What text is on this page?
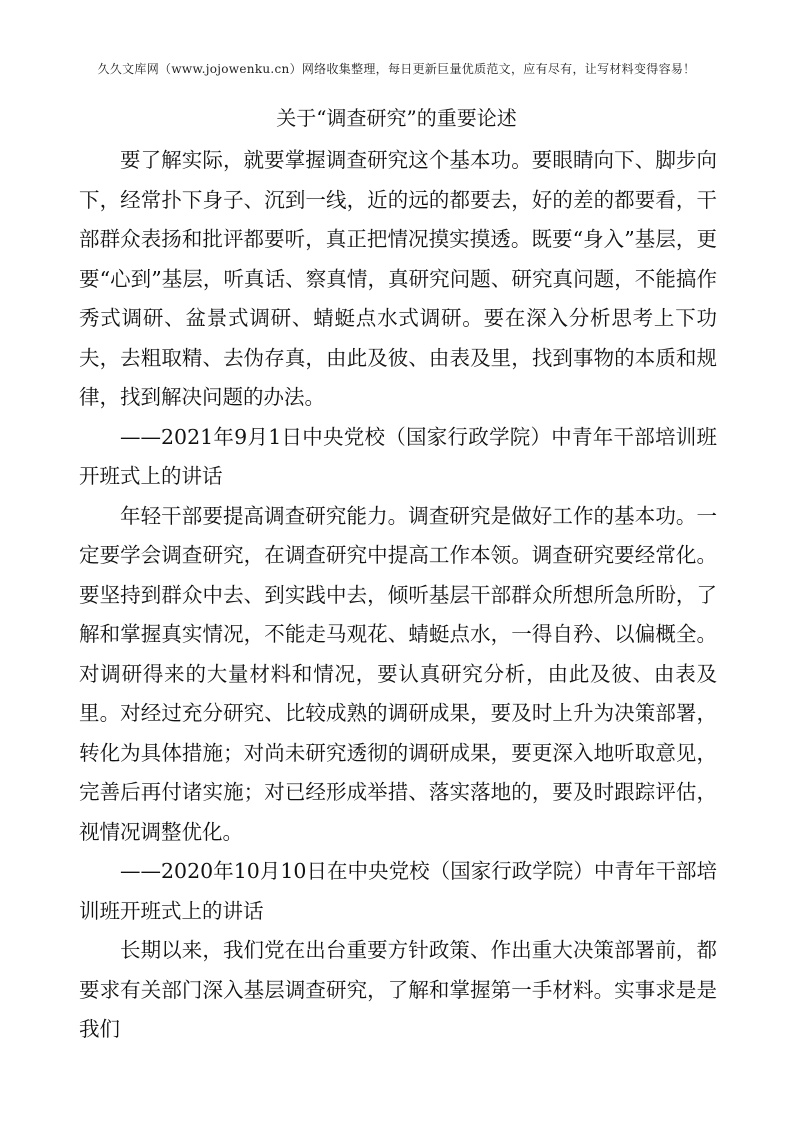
久久文库网（www.jojowenku.cn）网络收集整理，每日更新巨量优质范文，应有尽有，让写材料变得容易！
关于“调查研究”的重要论述

要了解实际，就要掌握调查研究这个基本功。要眼睛向下、脚步向下，经常扑下身子、沉到一线，近的远的都要去，好的差的都要看，干部群众表扬和批评都要听，真正把情况摸实摸透。既要“身入”基层，更要“心到”基层，听真话、察真情，真研究问题、研究真问题，不能搞作秀式调研、盆景式调研、蜻蜓点水式调研。要在深入分析思考上下功夫，去粗取精、去伪存真，由此及彼、由表及里，找到事物的本质和规律，找到解决问题的办法。

——2021年9月1日中央党校（国家行政学院）中青年干部培训班开班式上的讲话

年轻干部要提高调查研究能力。调查研究是做好工作的基本功。一定要学会调查研究，在调查研究中提高工作本领。调查研究要经常化。要坚持到群众中去、到实践中去，倾听基层干部群众所想所急所盼，了解和掌握真实情况，不能走马观花、蜻蜓点水，一得自矜、以偏概全。对调研得来的大量材料和情况，要认真研究分析，由此及彼、由表及里。对经过充分研究、比较成熟的调研成果，要及时上升为决策部署，转化为具体措施；对尚未研究透彻的调研成果，要更深入地听取意见，完善后再付诸实施；对已经形成举措、落实落地的，要及时跟踪评估，视情况调整优化。

——2020年10月10日在中央党校（国家行政学院）中青年干部培训班开班式上的讲话

长期以来，我们党在出台重要方针政策、作出重大决策部署前，都要求有关部门深入基层调查研究，了解和掌握第一手材料。实事求是是我们
